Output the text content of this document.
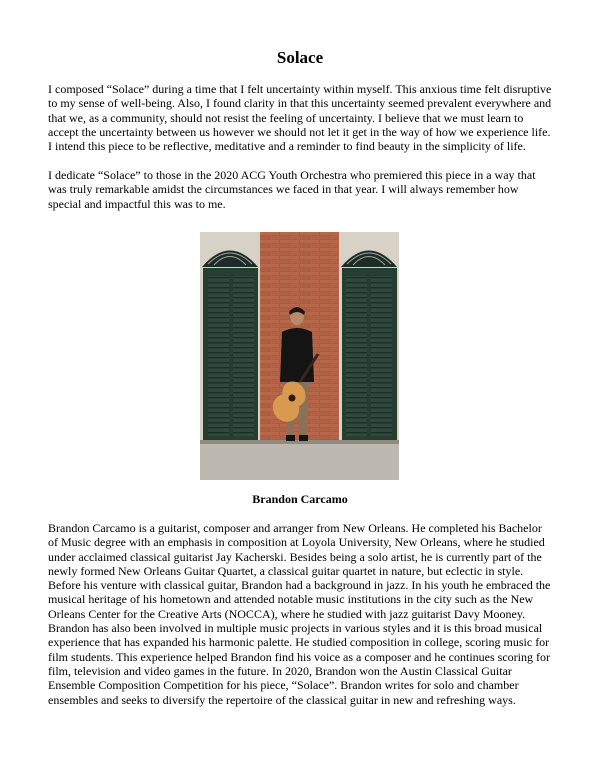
Solace

I composed “Solace” during a time that I felt uncertainty within myself. This anxious time felt disruptive to my sense of well-being. Also, I found clarity in that this uncertainty seemed prevalent everywhere and that we, as a community, should not resist the feeling of uncertainty. I believe that we must learn to accept the uncertainty between us however we should not let it get in the way of how we experience life. I intend this piece to be reflective, meditative and a reminder to find beauty in the simplicity of life.

I dedicate “Solace” to those in the 2020 ACG Youth Orchestra who premiered this piece in a way that was truly remarkable amidst the circumstances we faced in that year. I will always remember how special and impactful this was to me.

Brandon Carcamo

Brandon Carcamo is a guitarist, composer and arranger from New Orleans. He completed his Bachelor of Music degree with an emphasis in composition at Loyola University, New Orleans, where he studied under acclaimed classical guitarist Jay Kacherski. Besides being a solo artist, he is currently part of the newly formed New Orleans Guitar Quartet, a classical guitar quartet in nature, but eclectic in style. Before his venture with classical guitar, Brandon had a background in jazz. In his youth he embraced the musical heritage of his hometown and attended notable music institutions in the city such as the New Orleans Center for the Creative Arts (NOCCA), where he studied with jazz guitarist Davy Mooney. Brandon has also been involved in multiple music projects in various styles and it is this broad musical experience that has expanded his harmonic palette. He studied composition in college, scoring music for film students. This experience helped Brandon find his voice as a composer and he continues scoring for film, television and video games in the future. In 2020, Brandon won the Austin Classical Guitar Ensemble Composition Competition for his piece, “Solace”. Brandon writes for solo and chamber ensembles and seeks to diversify the repertoire of the classical guitar in new and refreshing ways.
